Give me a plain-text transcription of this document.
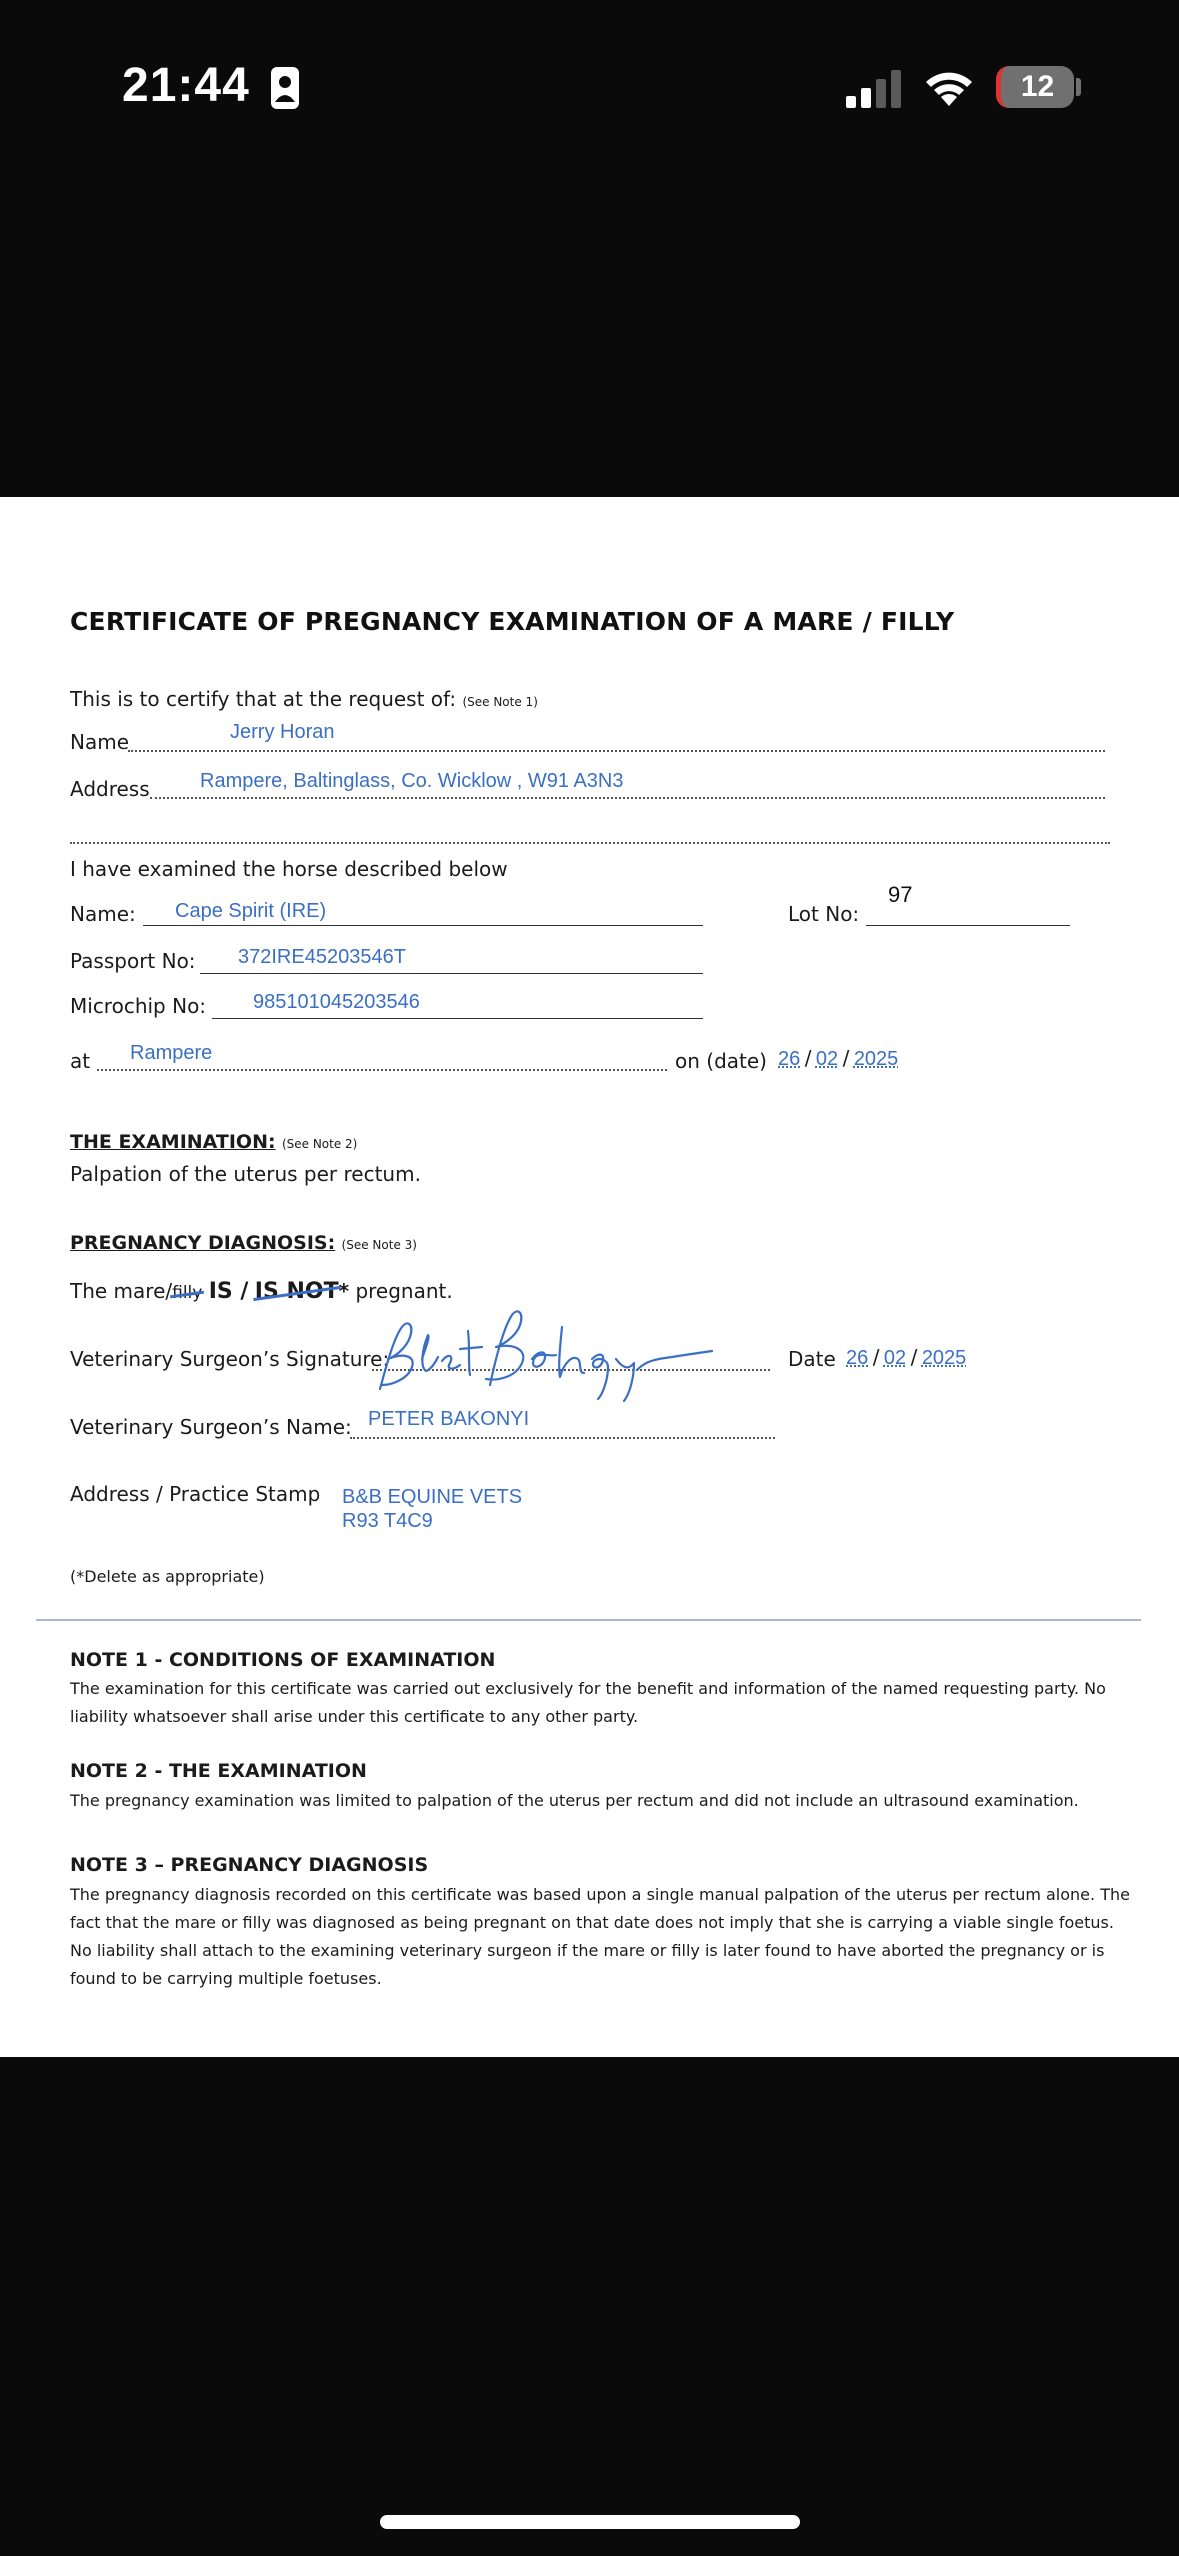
21:44	12
CERTIFICATE OF PREGNANCY EXAMINATION OF A MARE / FILLY
This is to certify that at the request of: (See Note 1)
Name	Jerry Horan
Address	Rampere, Baltinglass, Co. Wicklow , W91 A3N3
I have examined the horse described below
Name: Cape Spirit (IRE)	Lot No:
97
Passport No: 372IRE45203546T
Microchip No: 985101045203546
at Rampere	on (date) 26 / 02 / 2025
THE EXAMINATION: (See Note 2)
Palpation of the uterus per rectum.
PREGNANCY DIAGNOSIS: (See Note 3)
The mare/filly IS / IS NOT* pregnant.
Veterinary Surgeon’s Signature:	Date 26 / 02 / 2025
Veterinary Surgeon’s Name: PETER BAKONYI
Address / Practice Stamp B&B EQUINE VETS
R93 T4C9
(*Delete as appropriate)
NOTE 1 - CONDITIONS OF EXAMINATION
The examination for this certificate was carried out exclusively for the benefit and information of the named requesting party. No liability whatsoever shall arise under this certificate to any other party.
NOTE 2 - THE EXAMINATION
The pregnancy examination was limited to palpation of the uterus per rectum and did not include an ultrasound examination.
NOTE 3 – PREGNANCY DIAGNOSIS
The pregnancy diagnosis recorded on this certificate was based upon a single manual palpation of the uterus per rectum alone. The fact that the mare or filly was diagnosed as being pregnant on that date does not imply that she is carrying a viable single foetus. No liability shall attach to the examining veterinary surgeon if the mare or filly is later found to have aborted the pregnancy or is found to be carrying multiple foetuses.
